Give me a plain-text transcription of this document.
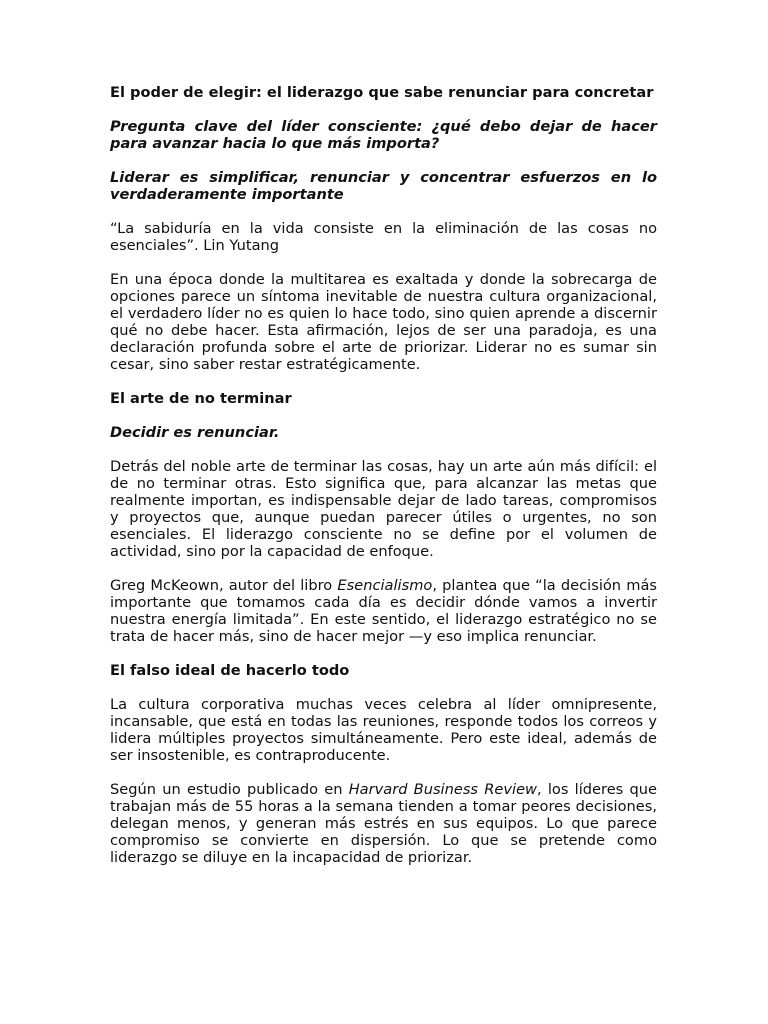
El poder de elegir: el liderazgo que sabe renunciar para concretar

Pregunta clave del líder consciente: ¿qué debo dejar de hacer para avanzar hacia lo que más importa?

Liderar es simplificar, renunciar y concentrar esfuerzos en lo verdaderamente importante

“La sabiduría en la vida consiste en la eliminación de las cosas no esenciales”. Lin Yutang

En una época donde la multitarea es exaltada y donde la sobrecarga de opciones parece un síntoma inevitable de nuestra cultura organizacional, el verdadero líder no es quien lo hace todo, sino quien aprende a discernir qué no debe hacer. Esta afirmación, lejos de ser una paradoja, es una declaración profunda sobre el arte de priorizar. Liderar no es sumar sin cesar, sino saber restar estratégicamente.

El arte de no terminar

Decidir es renunciar.

Detrás del noble arte de terminar las cosas, hay un arte aún más difícil: el de no terminar otras. Esto significa que, para alcanzar las metas que realmente importan, es indispensable dejar de lado tareas, compromisos y proyectos que, aunque puedan parecer útiles o urgentes, no son esenciales. El liderazgo consciente no se define por el volumen de actividad, sino por la capacidad de enfoque.

Greg McKeown, autor del libro Esencialismo, plantea que “la decisión más importante que tomamos cada día es decidir dónde vamos a invertir nuestra energía limitada”. En este sentido, el liderazgo estratégico no se trata de hacer más, sino de hacer mejor —y eso implica renunciar.

El falso ideal de hacerlo todo

La cultura corporativa muchas veces celebra al líder omnipresente, incansable, que está en todas las reuniones, responde todos los correos y lidera múltiples proyectos simultáneamente. Pero este ideal, además de ser insostenible, es contraproducente.

Según un estudio publicado en Harvard Business Review, los líderes que trabajan más de 55 horas a la semana tienden a tomar peores decisiones, delegan menos, y generan más estrés en sus equipos. Lo que parece compromiso se convierte en dispersión. Lo que se pretende como liderazgo se diluye en la incapacidad de priorizar.
